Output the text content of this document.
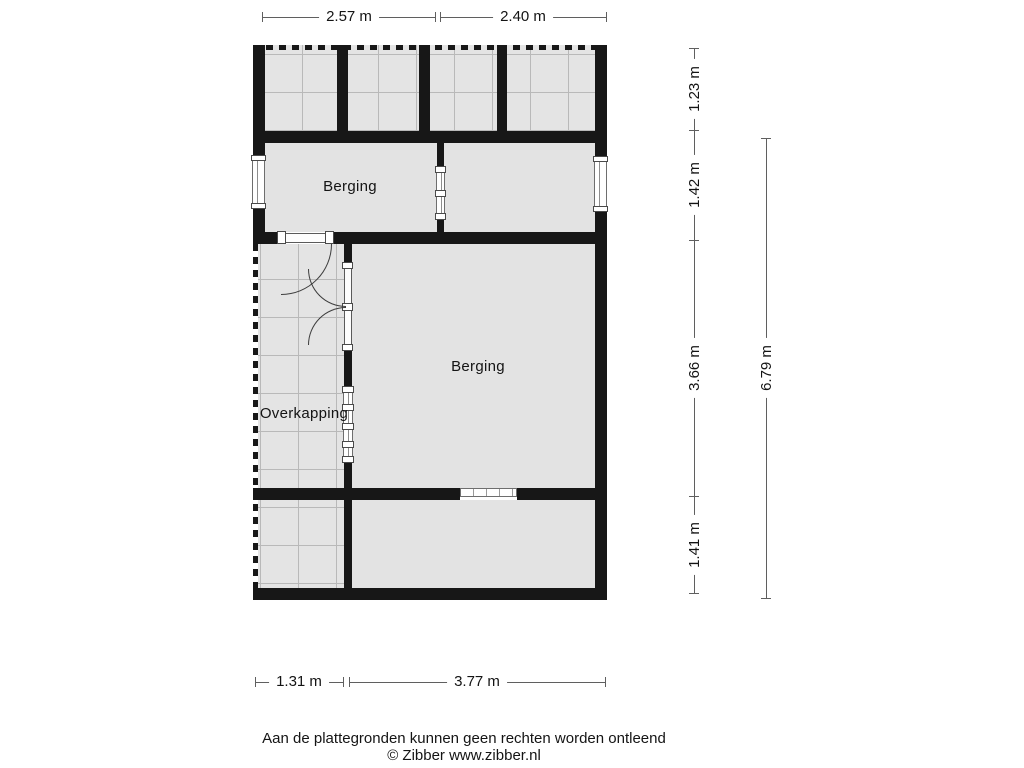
Berging
Berging
Overkapping
2.57 m	2.40 m
1.31 m	3.77 m
1.23 m
1.42 m
3.66 m
1.41 m
6.79 m
Aan de plattegronden kunnen geen rechten worden ontleend
© Zibber www.zibber.nl
